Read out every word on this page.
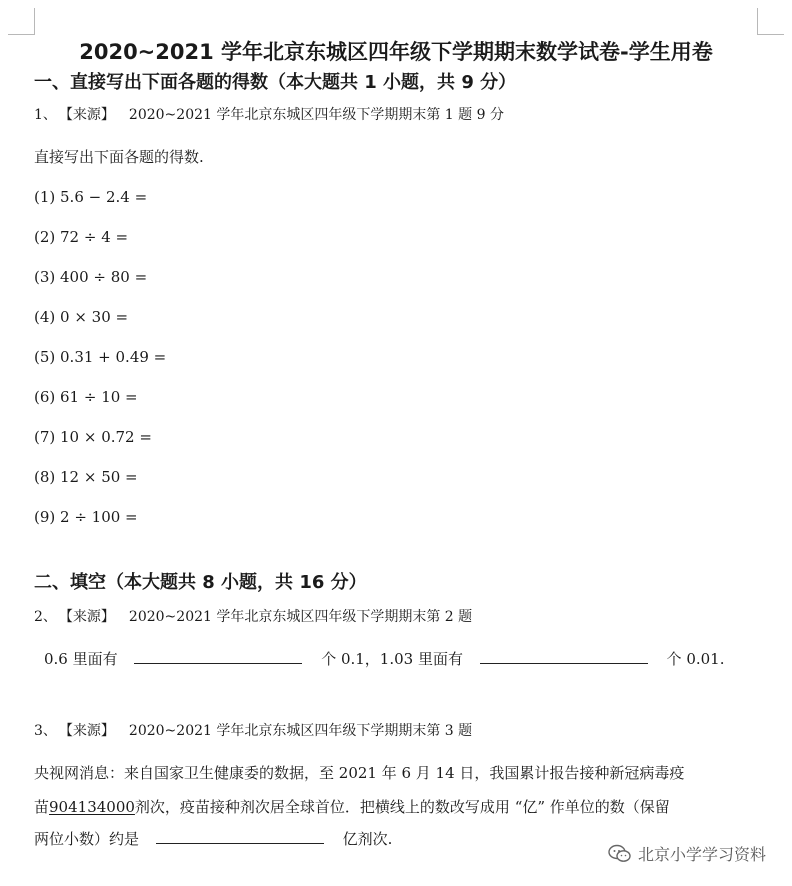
2020~2021 学年北京东城区四年级下学期期末数学试卷-学生用卷
一、直接写出下面各题的得数（本大题共 1 小题，共 9 分）
1、 【来源】 2020~2021 学年北京东城区四年级下学期期末第 1 题 9 分
直接写出下面各题的得数.
(1) 5.6 − 2.4 =
(2) 72 ÷ 4 =
(3) 400 ÷ 80 =
(4) 0 × 30 =
(5) 0.31 + 0.49 =
(6) 61 ÷ 10 =
(7) 10 × 0.72 =
(8) 12 × 50 =
(9) 2 ÷ 100 =
二、填空（本大题共 8 小题，共 16 分）
2、 【来源】 2020~2021 学年北京东城区四年级下学期期末第 2 题
0.6 里面有	个 0.1，1.03 里面有	个 0.01.
3、 【来源】 2020~2021 学年北京东城区四年级下学期期末第 3 题
央视网消息：来自国家卫生健康委的数据，至 2021 年 6 月 14 日，我国累计报告接种新冠病毒疫
苗904134000剂次，疫苗接种剂次居全球首位．把横线上的数改写成用 “亿” 作单位的数（保留
两位小数）约是	亿剂次.
北京小学学习资料
